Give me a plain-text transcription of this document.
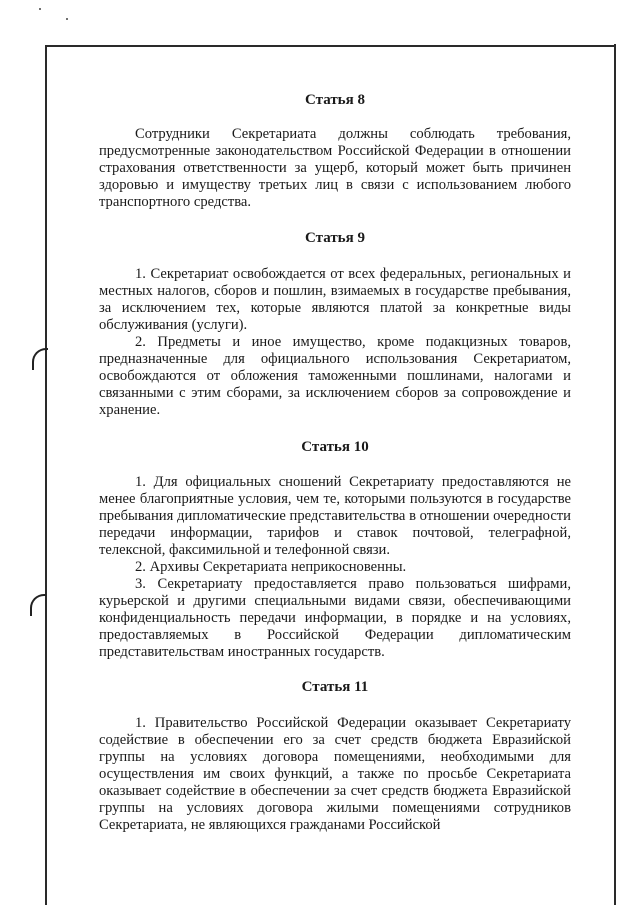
Статья 8

Сотрудники Секретариата должны соблюдать требования, предусмотренные законодательством Российской Федерации в отношении страхования ответственности за ущерб, который может быть причинен здоровью и имуществу третьих лиц в связи с использованием любого транспортного средства.

Статья 9

1. Секретариат освобождается от всех федеральных, региональных и местных налогов, сборов и пошлин, взимаемых в государстве пребывания, за исключением тех, которые являются платой за конкретные виды обслуживания (услуги).

2. Предметы и иное имущество, кроме подакцизных товаров, предназначенные для официального использования Секретариатом, освобождаются от обложения таможенными пошлинами, налогами и связанными с этим сборами, за исключением сборов за сопровождение и хранение.

Статья 10

1. Для официальных сношений Секретариату предоставляются не менее благоприятные условия, чем те, которыми пользуются в государстве пребывания дипломатические представительства в отношении очередности передачи информации, тарифов и ставок почтовой, телеграфной, телексной, факсимильной и телефонной связи.

2. Архивы Секретариата неприкосновенны.

3. Секретариату предоставляется право пользоваться шифрами, курьерской и другими специальными видами связи, обеспечивающими конфиденциальность передачи информации, в порядке и на условиях, предоставляемых в Российской Федерации дипломатическим представительствам иностранных государств.

Статья 11

1. Правительство Российской Федерации оказывает Секретариату содействие в обеспечении его за счет средств бюджета Евразийской группы на условиях договора помещениями, необходимыми для осуществления им своих функций, а также по просьбе Секретариата оказывает содействие в обеспечении за счет средств бюджета Евразийской группы на условиях договора жилыми помещениями сотрудников Секретариата, не являющихся гражданами Российской
